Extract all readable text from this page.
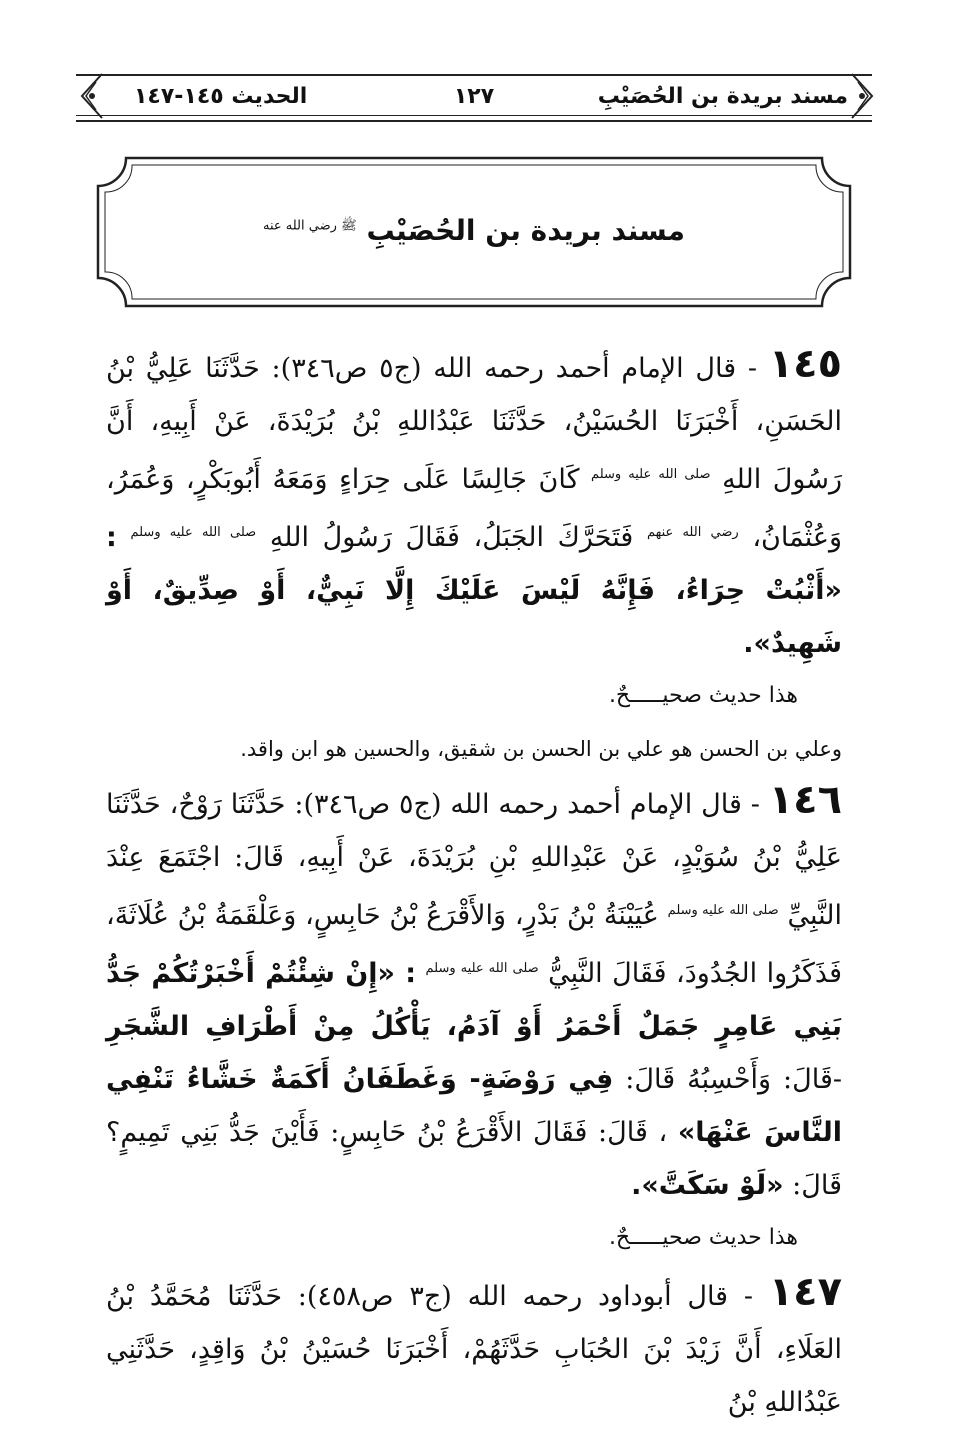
مسند بريدة بن الحُصَيْبِ
١٢٧
الحديث ١٤٥-١٤٧
مسند بريدة بن الحُصَيْبِ $^{ﷺ رضي الله عنه}$

١٤٥ - قال الإمام أحمد رحمه الله (ج٥ ص٣٤٦): حَدَّثَنَا عَلِيُّ بْنُ الحَسَنِ، أَخْبَرَنَا الحُسَيْنُ، حَدَّثَنَا عَبْدُاللهِ بْنُ بُرَيْدَةَ، عَنْ أَبِيهِ، أَنَّ رَسُولَ اللهِ $^{صلى الله عليه وسلم}$ كَانَ جَالِسًا عَلَى حِرَاءٍ وَمَعَهُ أَبُوبَكْرٍ، وَعُمَرُ، وَعُثْمَانُ، $^{رضي الله عنهم}$ فَتَحَرَّكَ الجَبَلُ، فَقَالَ رَسُولُ اللهِ $^{صلى الله عليه وسلم}$ : «أَثْبُتْ حِرَاءُ، فَإِنَّهُ لَيْسَ عَلَيْكَ إِلَّا نَبِيٌّ، أَوْ صِدِّيقٌ، أَوْ شَهِيدٌ».

هذا حديث صحيـــــحٌ.
وعلي بن الحسن هو علي بن الحسن بن شقيق، والحسين هو ابن واقد.

١٤٦ - قال الإمام أحمد رحمه الله (ج٥ ص٣٤٦): حَدَّثَنَا رَوْحٌ، حَدَّثَنَا عَلِيُّ بْنُ سُوَيْدٍ، عَنْ عَبْدِاللهِ بْنِ بُرَيْدَةَ، عَنْ أَبِيهِ، قَالَ: اجْتَمَعَ عِنْدَ النَّبِيِّ $^{صلى الله عليه وسلم}$ عُيَيْنَةُ بْنُ بَدْرٍ، وَالأَقْرَعُ بْنُ حَابِسٍ، وَعَلْقَمَةُ بْنُ عُلَاثَةَ، فَذَكَرُوا الجُدُودَ، فَقَالَ النَّبِيُّ $^{صلى الله عليه وسلم}$ : «إِنْ شِئْتُمْ أَخْبَرْتُكُمْ جَدُّ بَنِي عَامِرٍ جَمَلٌ أَحْمَرُ أَوْ آدَمُ، يَأْكُلُ مِنْ أَطْرَافِ الشَّجَرِ -قَالَ: وَأَحْسِبُهُ قَالَ: فِي رَوْضَةٍ- وَغَطَفَانُ أَكَمَةٌ خَشَّاءُ تَنْفِي النَّاسَ عَنْهَا» ، قَالَ: فَقَالَ الأَقْرَعُ بْنُ حَابِسٍ: فَأَيْنَ جَدُّ بَنِي تَمِيمٍ؟ قَالَ: «لَوْ سَكَتَّ».

هذا حديث صحيـــــحٌ.

١٤٧ - قال أبوداود رحمه الله (ج٣ ص٤٥٨): حَدَّثَنَا مُحَمَّدُ بْنُ العَلَاءِ، أَنَّ زَيْدَ بْنَ الحُبَابِ حَدَّثَهُمْ، أَخْبَرَنَا حُسَيْنُ بْنُ وَاقِدٍ، حَدَّثَنِي عَبْدُاللهِ بْنُ
